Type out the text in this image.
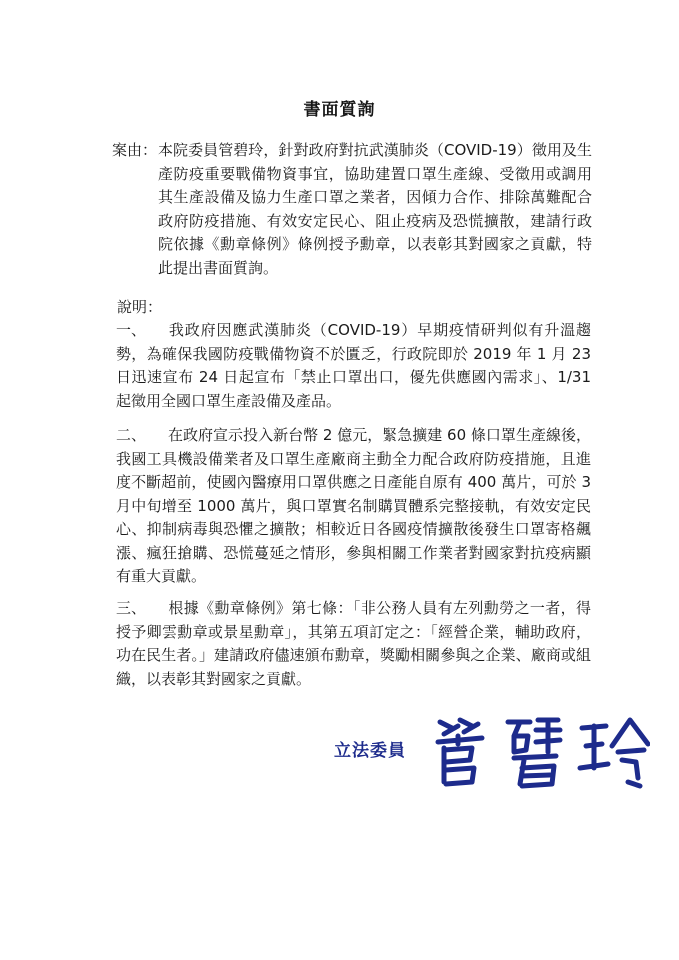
書面質詢
案由： 本院委員管碧玲，針對政府對抗武漢肺炎（COVID-19）徵用及生產防疫重要戰備物資事宜，協助建置口罩生產線、受徵用或調用其生產設備及協力生產口罩之業者，因傾力合作、排除萬難配合政府防疫措施、有效安定民心、阻止疫病及恐慌擴散，建請行政院依據《勳章條例》條例授予勳章，以表彰其對國家之貢獻，特此提出書面質詢。
說明：
一、	我政府因應武漢肺炎（COVID-19）早期疫情研判似有升溫趨勢，為確保我國防疫戰備物資不於匱乏，行政院即於 2019 年 1 月 23 日迅速宣布 24 日起宣布「禁止口罩出口，優先供應國內需求」、1/31 起徵用全國口罩生產設備及產品。

二、	在政府宣示投入新台幣 2 億元，緊急擴建 60 條口罩生產線後，我國工具機設備業者及口罩生產廠商主動全力配合政府防疫措施，且進度不斷超前，使國內醫療用口罩供應之日產能自原有 400 萬片，可於 3 月中旬增至 1000 萬片，與口罩實名制購買體系完整接軌，有效安定民心、抑制病毒與恐懼之擴散；相較近日各國疫情擴散後發生口罩寄格飆漲、瘋狂搶購、恐慌蔓延之情形，參與相關工作業者對國家對抗疫病顯有重大貢獻。

三、	根據《勳章條例》第七條：「非公務人員有左列勳勞之一者，得授予卿雲勳章或景星勳章」，其第五項訂定之：「經營企業，輔助政府，功在民生者。」建請政府儘速頒布勳章，獎勵相關參與之企業、廠商或組織，以表彰其對國家之貢獻。

立法委員
